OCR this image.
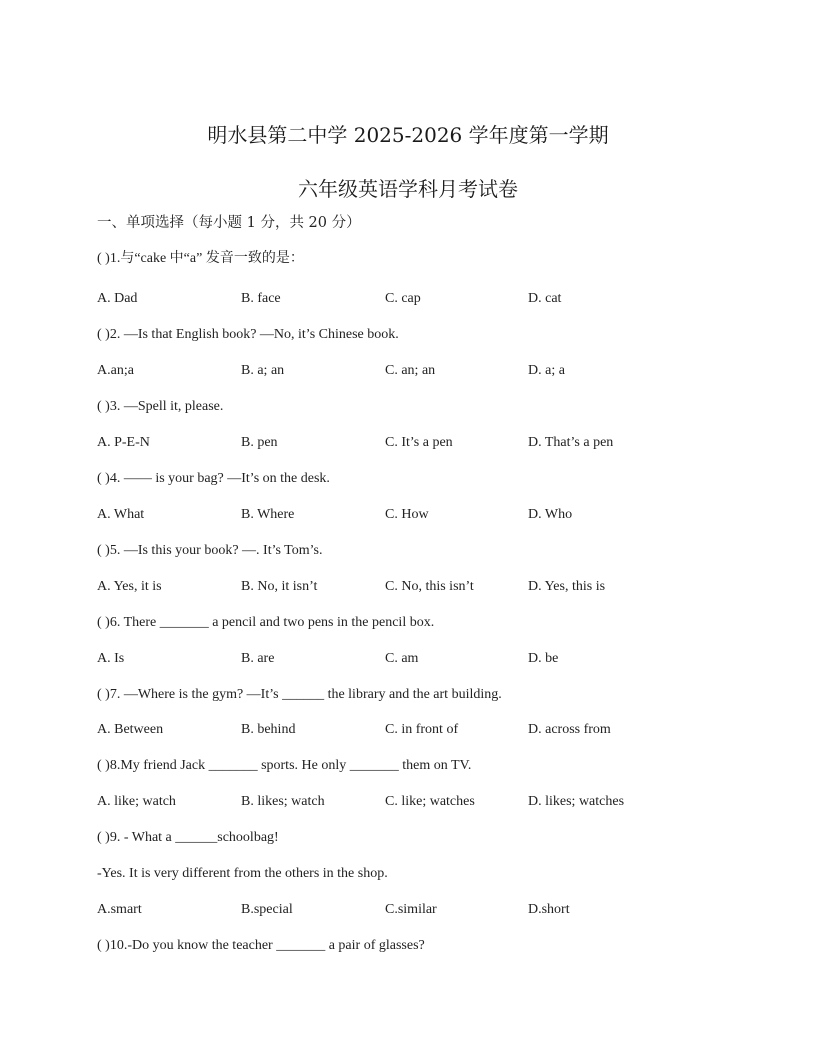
明水县第二中学 2025-2026 学年度第一学期
六年级英语学科月考试卷
一、单项选择（每小题 1 分，共 20 分）
( )1.与“cake 中“a” 发音一致的是：
A. Dad	B. face	C. cap	D. cat
( )2. —Is that English book? —No, it’s Chinese book.
A.an;a	B. a; an	C. an; an	D. a; a
( )3. —Spell it, please.
A. P-E-N	B. pen	C. It’s a pen	D. That’s a pen
( )4. —— is your bag? —It’s on the desk.
A. What	B. Where	C. How	D. Who
( )5. —Is this your book? —. It’s Tom’s.
A. Yes, it is	B. No, it isn’t	C. No, this isn’t	D. Yes, this is
( )6. There _______ a pencil and two pens in the pencil box.
A. Is	B. are	C. am	D. be
( )7. —Where is the gym? —It’s ______ the library and the art building.
A. Between	B. behind	C. in front of	D. across from
( )8.My friend Jack _______ sports. He only _______ them on TV.
A. like; watch	B. likes; watch	C. like; watches	D. likes; watches
( )9. - What a ______schoolbag!
-Yes. It is very different from the others in the shop.
A.smart	B.special	C.similar	D.short
( )10.-Do you know the teacher _______ a pair of glasses?
